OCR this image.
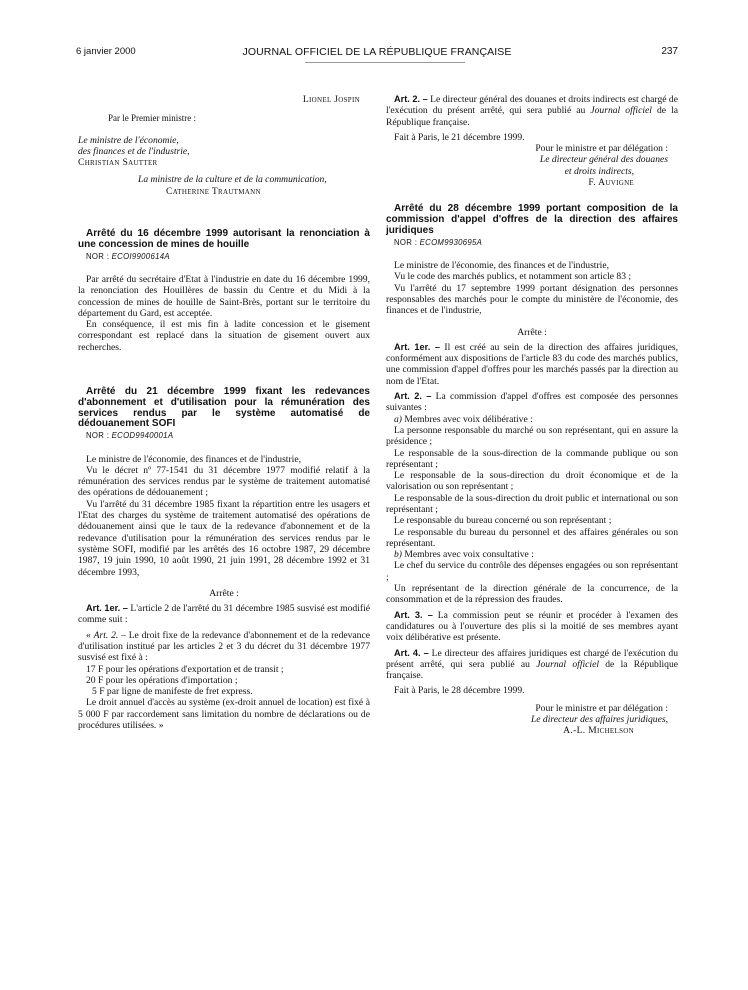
6 janvier 2000	JOURNAL OFFICIEL DE LA RÉPUBLIQUE FRANÇAISE	237

Lionel Jospin

Par le Premier ministre :

Le ministre de l'économie,

des finances et de l'industrie,

Christian Sautter

La ministre de la culture et de la communication,

Catherine Trautmann

Arrêté du 16 décembre 1999 autorisant la renonciation à une concession de mines de houille

NOR : ECOI9900614A

Par arrêté du secrétaire d'Etat à l'industrie en date du 16 décembre 1999, la renonciation des Houillères de bassin du Centre et du Midi à la concession de mines de houille de Saint-Brès, portant sur le territoire du département du Gard, est acceptée.

En conséquence, il est mis fin à ladite concession et le gisement correspondant est replacé dans la situation de gisement ouvert aux recherches.

Arrêté du 21 décembre 1999 fixant les redevances d'abonnement et d'utilisation pour la rémunération des services rendus par le système automatisé de dédouanement SOFI

NOR : ECOD9940001A

Le ministre de l'économie, des finances et de l'industrie,

Vu le décret nº 77-1541 du 31 décembre 1977 modifié relatif à la rémunération des services rendus par le système de traitement automatisé des opérations de dédouanement ;

Vu l'arrêté du 31 décembre 1985 fixant la répartition entre les usagers et l'Etat des charges du système de traitement automatisé des opérations de dédouanement ainsi que le taux de la redevance d'abonnement et de la redevance d'utilisation pour la rémunération des services rendus par le système SOFI, modifié par les arrêtés des 16 octobre 1987, 29 décembre 1987, 19 juin 1990, 10 août 1990, 21 juin 1991, 28 décembre 1992 et 31 décembre 1993,

Arrête :

Art. 1er. – L'article 2 de l'arrêté du 31 décembre 1985 susvisé est modifié comme suit :

« Art. 2. – Le droit fixe de la redevance d'abonnement et de la redevance d'utilisation institué par les articles 2 et 3 du décret du 31 décembre 1977 susvisé est fixé à :

17 F pour les opérations d'exportation et de transit ;

20 F pour les opérations d'importation ;

5 F par ligne de manifeste de fret express.

Le droit annuel d'accès au système (ex-droit annuel de location) est fixé à 5 000 F par raccordement sans limitation du nombre de déclarations ou de procédures utilisées. »

Art. 2. – Le directeur général des douanes et droits indirects est chargé de l'exécution du présent arrêté, qui sera publié au Journal officiel de la République française.

Fait à Paris, le 21 décembre 1999.

Pour le ministre et par délégation :

Le directeur général des douanes

et droits indirects,

F. Auvigne

Arrêté du 28 décembre 1999 portant composition de la commission d'appel d'offres de la direction des affaires juridiques

NOR : ECOM9930695A

Le ministre de l'économie, des finances et de l'industrie,

Vu le code des marchés publics, et notamment son article 83 ;

Vu l'arrêté du 17 septembre 1999 portant désignation des personnes responsables des marchés pour le compte du ministère de l'économie, des finances et de l'industrie,

Arrête :

Art. 1er. – Il est créé au sein de la direction des affaires juridiques, conformément aux dispositions de l'article 83 du code des marchés publics, une commission d'appel d'offres pour les marchés passés par la direction au nom de l'Etat.

Art. 2. – La commission d'appel d'offres est composée des personnes suivantes :

a) Membres avec voix délibérative :

La personne responsable du marché ou son représentant, qui en assure la présidence ;

Le responsable de la sous-direction de la commande publique ou son représentant ;

Le responsable de la sous-direction du droit économique et de la valorisation ou son représentant ;

Le responsable de la sous-direction du droit public et international ou son représentant ;

Le responsable du bureau concerné ou son représentant ;

Le responsable du bureau du personnel et des affaires générales ou son représentant.

b) Membres avec voix consultative :

Le chef du service du contrôle des dépenses engagées ou son représentant ;

Un représentant de la direction générale de la concurrence, de la consommation et de la répression des fraudes.

Art. 3. – La commission peut se réunir et procéder à l'examen des candidatures ou à l'ouverture des plis si la moitié de ses membres ayant voix délibérative est présente.

Art. 4. – Le directeur des affaires juridiques est chargé de l'exécution du présent arrêté, qui sera publié au Journal officiel de la République française.

Fait à Paris, le 28 décembre 1999.

Pour le ministre et par délégation :

Le directeur des affaires juridiques,

A.-L. Michelson
